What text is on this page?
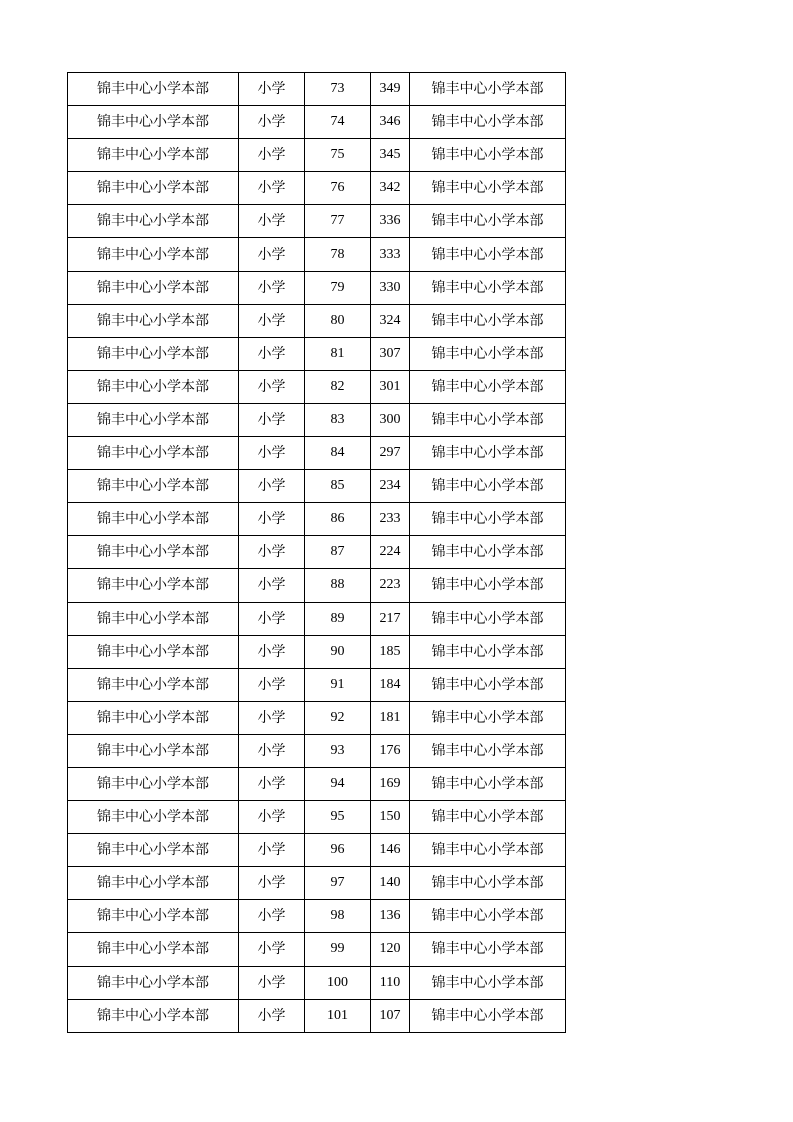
锦丰中心小学本部	小学	73	349	锦丰中心小学本部
锦丰中心小学本部	小学	74	346	锦丰中心小学本部
锦丰中心小学本部	小学	75	345	锦丰中心小学本部
锦丰中心小学本部	小学	76	342	锦丰中心小学本部
锦丰中心小学本部	小学	77	336	锦丰中心小学本部
锦丰中心小学本部	小学	78	333	锦丰中心小学本部
锦丰中心小学本部	小学	79	330	锦丰中心小学本部
锦丰中心小学本部	小学	80	324	锦丰中心小学本部
锦丰中心小学本部	小学	81	307	锦丰中心小学本部
锦丰中心小学本部	小学	82	301	锦丰中心小学本部
锦丰中心小学本部	小学	83	300	锦丰中心小学本部
锦丰中心小学本部	小学	84	297	锦丰中心小学本部
锦丰中心小学本部	小学	85	234	锦丰中心小学本部
锦丰中心小学本部	小学	86	233	锦丰中心小学本部
锦丰中心小学本部	小学	87	224	锦丰中心小学本部
锦丰中心小学本部	小学	88	223	锦丰中心小学本部
锦丰中心小学本部	小学	89	217	锦丰中心小学本部
锦丰中心小学本部	小学	90	185	锦丰中心小学本部
锦丰中心小学本部	小学	91	184	锦丰中心小学本部
锦丰中心小学本部	小学	92	181	锦丰中心小学本部
锦丰中心小学本部	小学	93	176	锦丰中心小学本部
锦丰中心小学本部	小学	94	169	锦丰中心小学本部
锦丰中心小学本部	小学	95	150	锦丰中心小学本部
锦丰中心小学本部	小学	96	146	锦丰中心小学本部
锦丰中心小学本部	小学	97	140	锦丰中心小学本部
锦丰中心小学本部	小学	98	136	锦丰中心小学本部
锦丰中心小学本部	小学	99	120	锦丰中心小学本部
锦丰中心小学本部	小学	100	110	锦丰中心小学本部
锦丰中心小学本部	小学	101	107	锦丰中心小学本部
